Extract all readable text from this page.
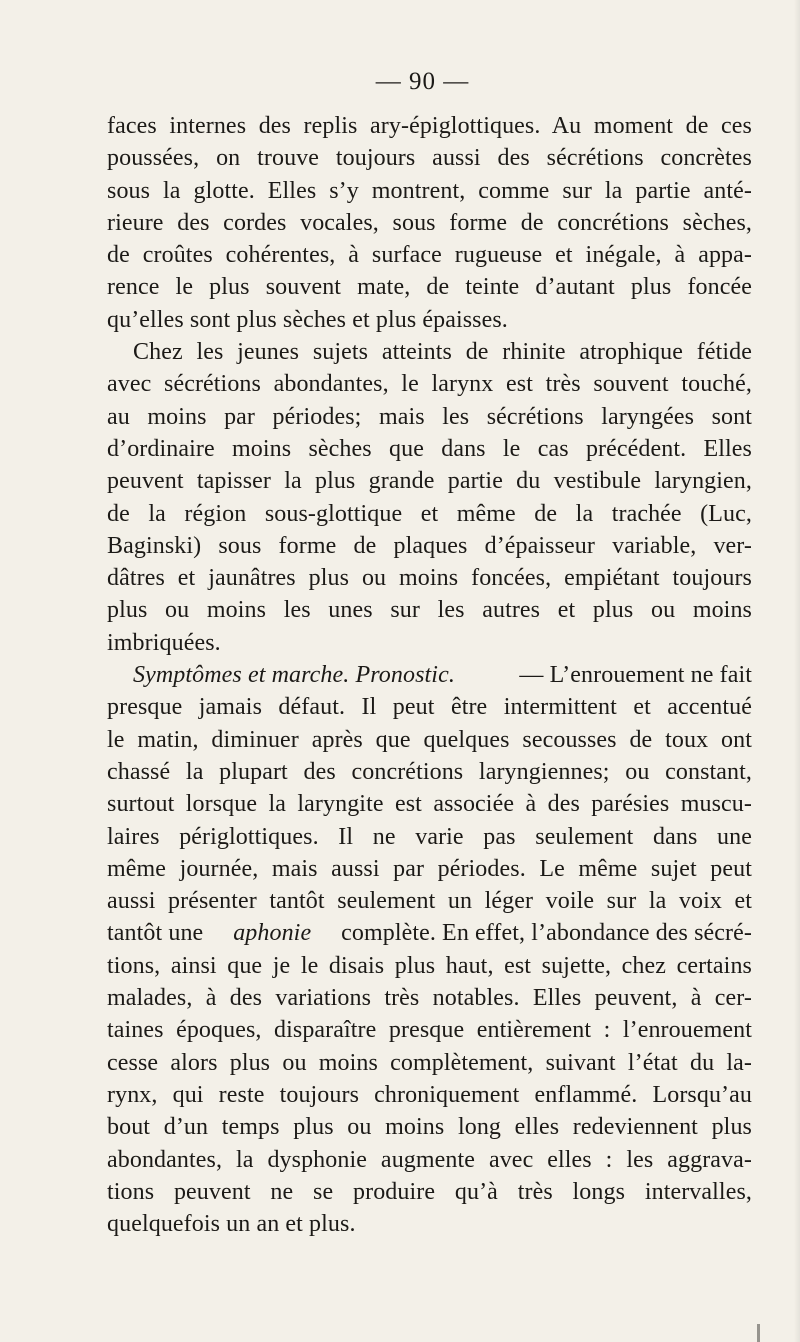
— 90 —
faces internes des replis ary-épiglottiques. Au moment de ces
poussées, on trouve toujours aussi des sécrétions concrètes
sous la glotte. Elles s’y montrent, comme sur la partie anté-
rieure des cordes vocales, sous forme de concrétions sèches,
de croûtes cohérentes, à surface rugueuse et inégale, à appa-
rence le plus souvent mate, de teinte d’autant plus foncée
qu’elles sont plus sèches et plus épaisses.
Chez les jeunes sujets atteints de rhinite atrophique fétide
avec sécrétions abondantes, le larynx est très souvent touché,
au moins par périodes; mais les sécrétions laryngées sont
d’ordinaire moins sèches que dans le cas précédent. Elles
peuvent tapisser la plus grande partie du vestibule laryngien,
de la région sous-glottique et même de la trachée (Luc,
Baginski) sous forme de plaques d’épaisseur variable, ver-
dâtres et jaunâtres plus ou moins foncées, empiétant toujours
plus ou moins les unes sur les autres et plus ou moins
imbriquées.
Symptômes et marche. Pronostic.	— L’enrouement ne fait
presque jamais défaut. Il peut être intermittent et accentué
le matin, diminuer après que quelques secousses de toux ont
chassé la plupart des concrétions laryngiennes; ou constant,
surtout lorsque la laryngite est associée à des parésies muscu-
laires périglottiques. Il ne varie pas seulement dans une
même journée, mais aussi par périodes. Le même sujet peut
aussi présenter tantôt seulement un léger voile sur la voix et
tantôt une aphonie complète. En effet, l’abondance des sécré-
tions, ainsi que je le disais plus haut, est sujette, chez certains
malades, à des variations très notables. Elles peuvent, à cer-
taines époques, disparaître presque entièrement : l’enrouement
cesse alors plus ou moins complètement, suivant l’état du la-
rynx, qui reste toujours chroniquement enflammé. Lorsqu’au
bout d’un temps plus ou moins long elles redeviennent plus
abondantes, la dysphonie augmente avec elles : les aggrava-
tions peuvent ne se produire qu’à très longs intervalles,
quelquefois un an et plus.
